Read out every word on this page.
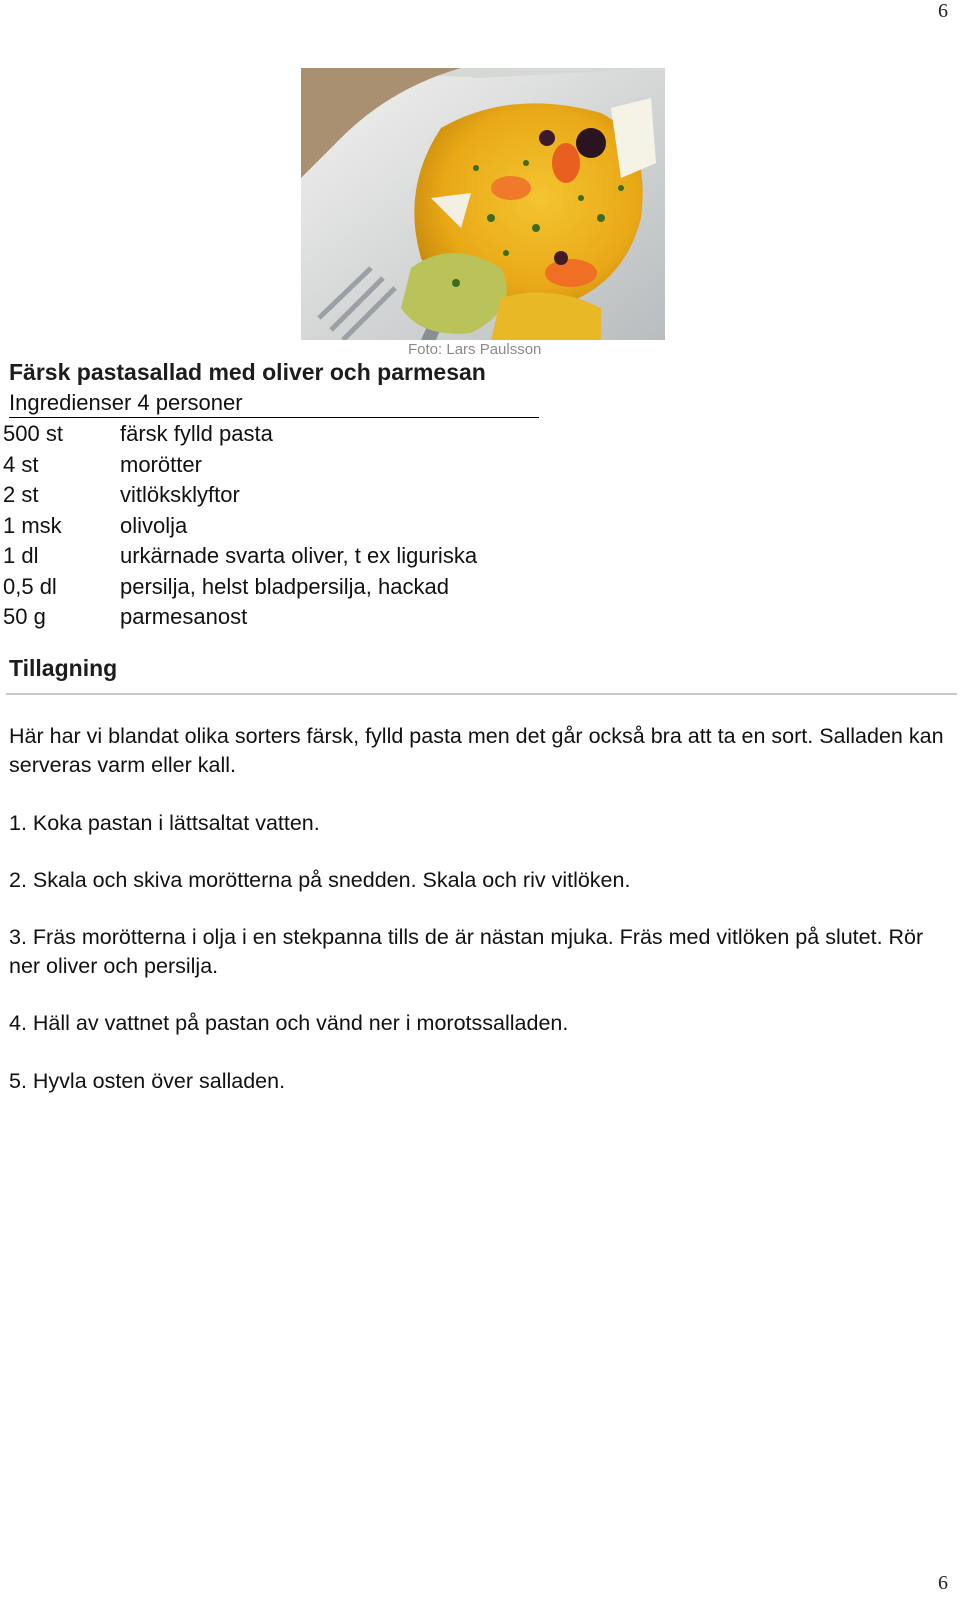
6
Foto: Lars Paulsson
Färsk pastasallad med oliver och parmesan
Ingredienser 4 personer
500 st	färsk fylld pasta
4 st	morötter
2 st	vitlöksklyftor
1 msk	olivolja
1 dl	urkärnade svarta oliver, t ex liguriska
0,5 dl	persilja, helst bladpersilja, hackad
50 g	parmesanost
Tillagning

Här har vi blandat olika sorters färsk, fylld pasta men det går också bra att ta en sort. Salladen kan serveras varm eller kall.

1. Koka pastan i lättsaltat vatten.

2. Skala och skiva morötterna på snedden. Skala och riv vitlöken.

3. Fräs morötterna i olja i en stekpanna tills de är nästan mjuka. Fräs med vitlöken på slutet. Rör ner oliver och persilja.

4. Häll av vattnet på pastan och vänd ner i morotssalladen.

5. Hyvla osten över salladen.

6
